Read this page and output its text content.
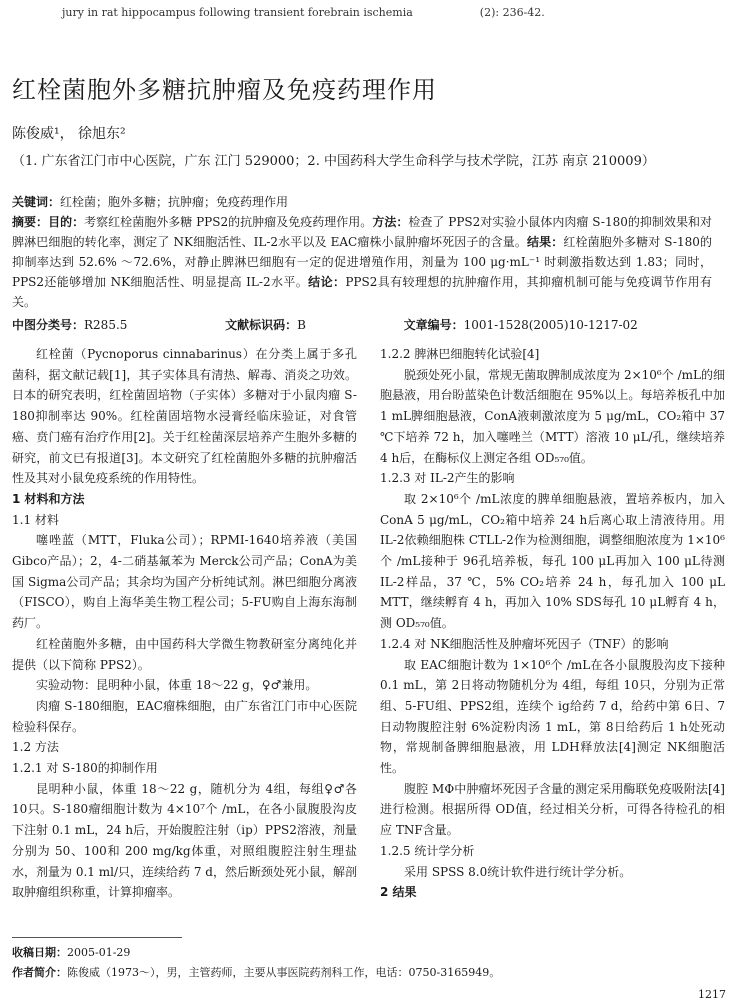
jury in rat hippocampus following transient forebrain ischemia	(2): 236-42.
红栓菌胞外多糖抗肿瘤及免疫药理作用
陈俊威¹， 徐旭东²
（1. 广东省江门市中心医院，广东 江门 529000；2. 中国药科大学生命科学与技术学院，江苏 南京 210009）

关键词：红栓菌；胞外多糖；抗肿瘤；免疫药理作用

摘要：目的：考察红栓菌胞外多糖 PPS2的抗肿瘤及免疫药理作用。方法：检查了 PPS2对实验小鼠体内肉瘤 S-180的抑制效果和对脾淋巴细胞的转化率，测定了 NK细胞活性、IL-2水平以及 EAC瘤株小鼠肿瘤坏死因子的含量。结果：红栓菌胞外多糖对 S-180的抑制率达到 52.6% ～72.6%，对静止脾淋巴细胞有一定的促进增殖作用，剂量为 100 μg·mL⁻¹ 时刺激指数达到 1.83；同时，PPS2还能够增加 NK细胞活性、明显提高 IL-2水平。结论：PPS2具有较理想的抗肿瘤作用，其抑瘤机制可能与免疫调节作用有关。

中图分类号：R285.5	文献标识码：B	文章编号：1001-1528(2005)10-1217-02

红栓菌（Pycnoporus cinnabarinus）在分类上属于多孔菌科，据文献记载[1]，其子实体具有清热、解毒、消炎之功效。日本的研究表明，红栓菌固培物（子实体）多糖对于小鼠肉瘤 S-180抑制率达 90%。红栓菌固培物水浸膏经临床验证，对食管癌、贲门癌有治疗作用[2]。关于红栓菌深层培养产生胞外多糖的研究，前文已有报道[3]。本文研究了红栓菌胞外多糖的抗肿瘤活性及其对小鼠免疫系统的作用特性。

1 材料和方法

1.1 材料

噻唑蓝（MTT，Fluka公司）；RPMI-1640培养液（美国 Gibco产品）；2，4-二硝基氟苯为 Merck公司产品；ConA为美国 Sigma公司产品；其余均为国产分析纯试剂。淋巴细胞分离液（FISCO），购自上海华美生物工程公司；5-FU购自上海东海制药厂。

红栓菌胞外多糖，由中国药科大学微生物教研室分离纯化并提供（以下简称 PPS2）。

实验动物：昆明种小鼠，体重 18～22 g，♀♂兼用。

肉瘤 S-180细胞，EAC瘤株细胞，由广东省江门市中心医院检验科保存。

1.2 方法

1.2.1 对 S-180的抑制作用

昆明种小鼠，体重 18～22 g，随机分为 4组，每组♀♂各 10只。S-180瘤细胞计数为 4×10⁷个 /mL，在各小鼠腹股沟皮下注射 0.1 mL，24 h后，开始腹腔注射（ip）PPS2溶液，剂量分别为 50、100和 200 mg/kg体重，对照组腹腔注射生理盐水，剂量为 0.1 ml/只，连续给药 7 d，然后断颈处死小鼠，解剖取肿瘤组织称重，计算抑瘤率。

1.2.2 脾淋巴细胞转化试验[4]

脱颈处死小鼠，常规无菌取脾制成浓度为 2×10⁶个 /mL的细胞悬液，用台盼蓝染色计数活细胞在 95%以上。每培养板孔中加 1 mL脾细胞悬液，ConA液刺激浓度为 5 μg/mL，CO₂箱中 37 ℃下培养 72 h，加入噻唑兰（MTT）溶液 10 μL/孔，继续培养 4 h后，在酶标仪上测定各组 OD₅₇₀值。

1.2.3 对 IL-2产生的影响

取 2×10⁶个 /mL浓度的脾单细胞悬液，置培养板内，加入 ConA 5 μg/mL，CO₂箱中培养 24 h后离心取上清液待用。用 IL-2依赖细胞株 CTLL-2作为检测细胞，调整细胞浓度为 1×10⁶个 /mL接种于 96孔培养板，每孔 100 μL再加入 100 μL待测 IL-2样品，37 ℃，5% CO₂培养 24 h，每孔加入 100 μL MTT，继续孵育 4 h，再加入 10% SDS每孔 10 μL孵育 4 h，测 OD₅₇₀值。

1.2.4 对 NK细胞活性及肿瘤坏死因子（TNF）的影响

取 EAC细胞计数为 1×10⁶个 /mL在各小鼠腹股沟皮下接种 0.1 mL，第 2日将动物随机分为 4组，每组 10只，分别为正常组、5-FU组、PPS2组，连续个 ig给药 7 d，给药中第 6日、7日动物腹腔注射 6%淀粉肉汤 1 mL，第 8日给药后 1 h处死动物，常规制备脾细胞悬液，用 LDH释放法[4]测定 NK细胞活性。

腹腔 MΦ中肿瘤坏死因子含量的测定采用酶联免疫吸附法[4]进行检测。根据所得 OD值，经过相关分析，可得各待检孔的相应 TNF含量。

1.2.5 统计学分析

采用 SPSS 8.0统计软件进行统计学分析。

2 结果

收稿日期：2005-01-29
作者简介：陈俊威（1973～），男，主管药师，主要从事医院药剂科工作，电话：0750-3165949。
1217
